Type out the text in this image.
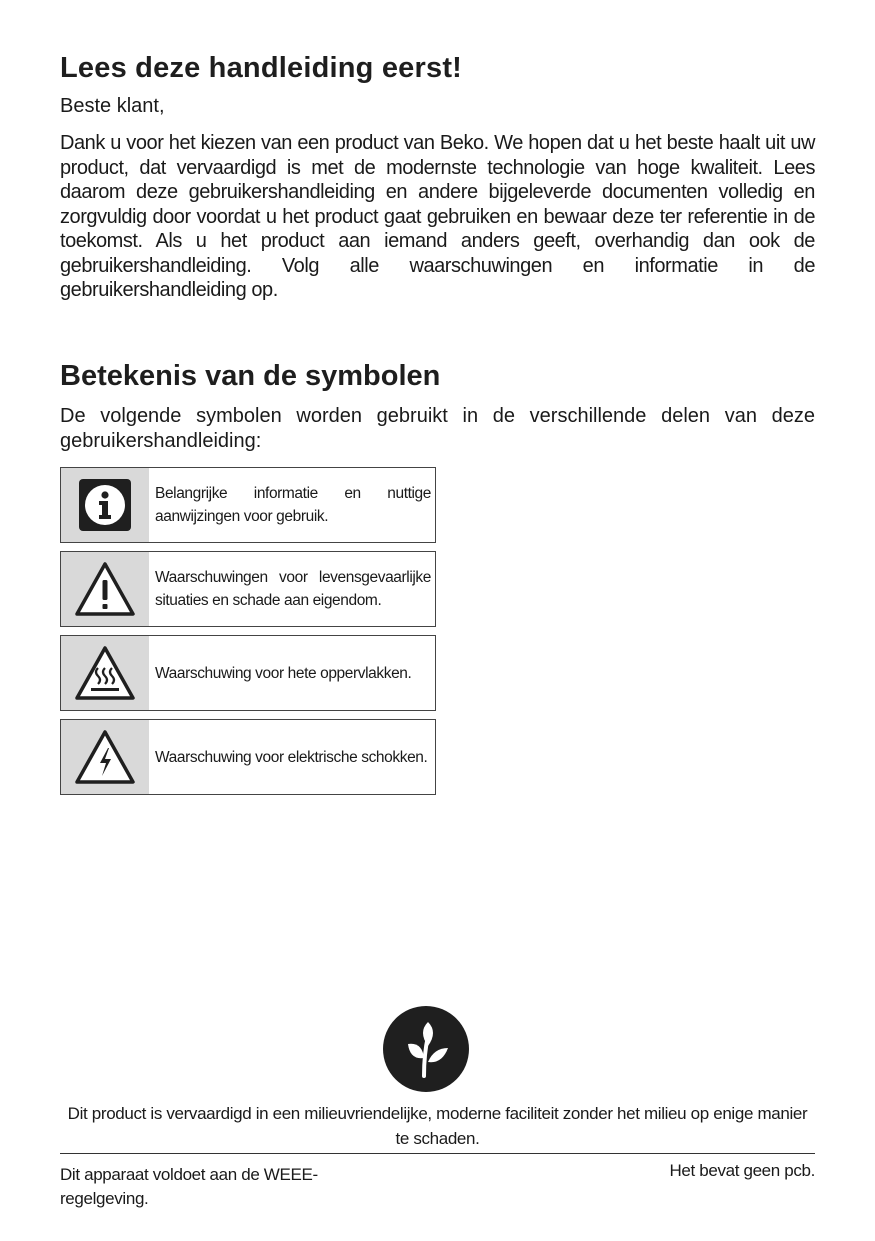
Lees deze handleiding eerst!

Beste klant,

Dank u voor het kiezen van een product van Beko. We hopen dat u het beste haalt uit uw product, dat vervaardigd is met de modernste technologie van hoge kwaliteit. Lees daarom deze gebruikershandleiding en andere bijgeleverde documenten volledig en zorgvuldig door voordat u het product gaat gebruiken en bewaar deze ter referentie in de toekomst. Als u het product aan iemand anders geeft, overhandig dan ook de gebruikershandleiding. Volg alle waarschuwingen en informatie in de gebruikershandleiding op.

Betekenis van de symbolen

De volgende symbolen worden gebruikt in de verschillende delen van deze gebruikershandleiding:

Belangrijke informatie en nuttige aanwijzingen voor gebruik.
Waarschuwingen voor levensgevaarlijke situaties en schade aan eigendom.
Waarschuwing voor hete oppervlakken.
Waarschuwing voor elektrische schokken.

Dit product is vervaardigd in een milieuvriendelijke, moderne faciliteit zonder het milieu op enige manier te schaden.

Dit apparaat voldoet aan de WEEE-regelgeving.

Het bevat geen pcb.
